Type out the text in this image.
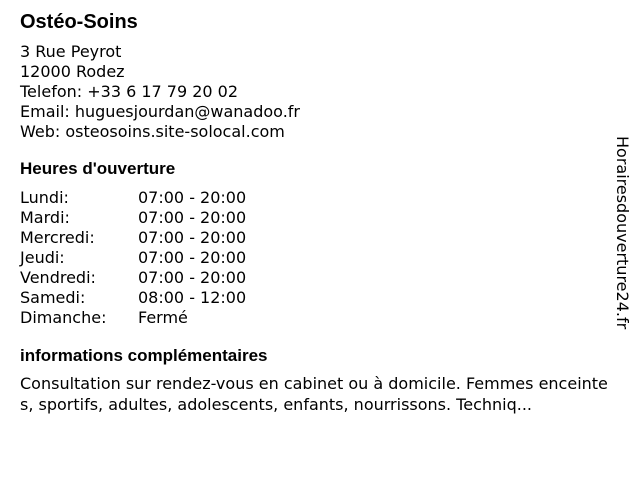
Ostéo-Soins
3 Rue Peyrot
12000 Rodez
Telefon: +33 6 17 79 20 02
Email: huguesjourdan@wanadoo.fr
Web: osteosoins.site-solocal.com
Heures d'ouverture
Lundi:	07:00 - 20:00
Mardi:	07:00 - 20:00
Mercredi:	07:00 - 20:00
Jeudi:	07:00 - 20:00
Vendredi:	07:00 - 20:00
Samedi:	08:00 - 12:00
Dimanche:	Fermé
informations complémentaires
Consultation sur rendez-vous en cabinet ou à domicile. Femmes enceintes, sportifs, adultes, adolescents, enfants, nourrissons. Techniq...
Horairesdouverture24.fr
